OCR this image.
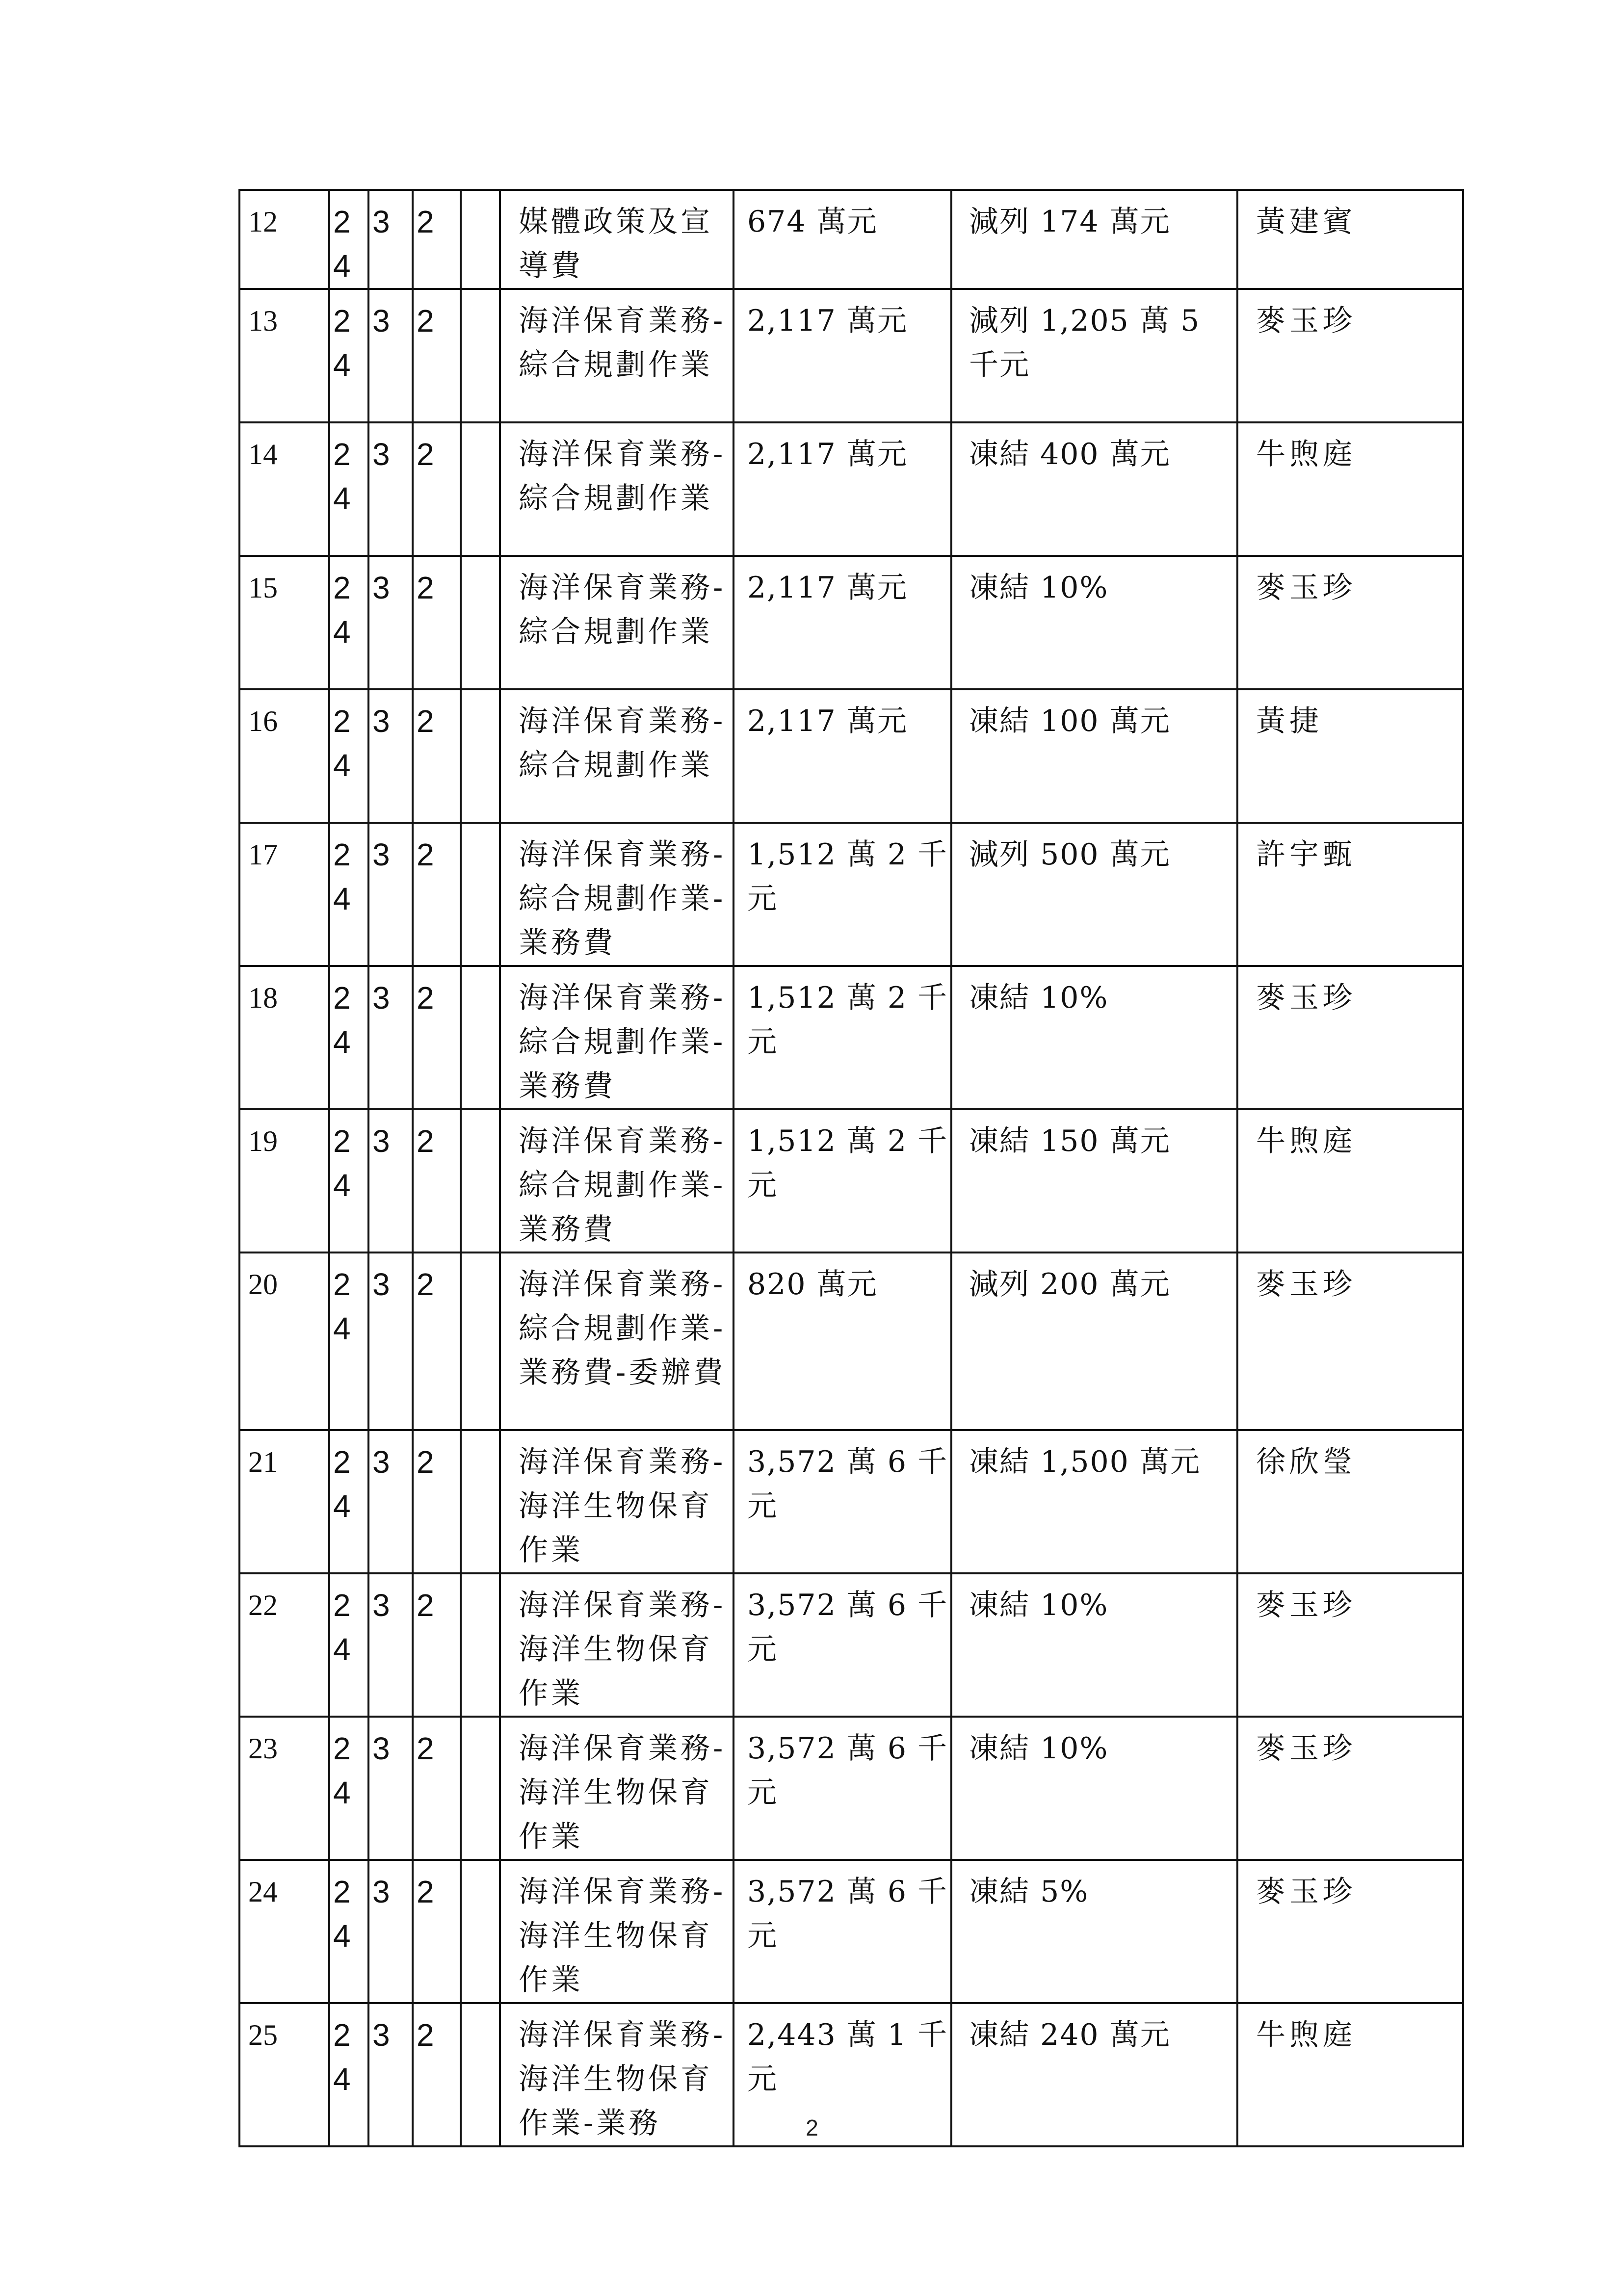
12	24	3	2		媒體政策及宣導費	674 萬元	減列 174 萬元	黃建賓
13	24	3	2		海洋保育業務-綜合規劃作業	2,117 萬元	減列 1,205 萬 5 千元	麥玉珍
14	24	3	2		海洋保育業務-綜合規劃作業	2,117 萬元	凍結 400 萬元	牛煦庭
15	24	3	2		海洋保育業務-綜合規劃作業	2,117 萬元	凍結 10%	麥玉珍
16	24	3	2		海洋保育業務-綜合規劃作業	2,117 萬元	凍結 100 萬元	黃捷
17	24	3	2		海洋保育業務-綜合規劃作業-業務費	1,512 萬 2 千元	減列 500 萬元	許宇甄
18	24	3	2		海洋保育業務-綜合規劃作業-業務費	1,512 萬 2 千元	凍結 10%	麥玉珍
19	24	3	2		海洋保育業務-綜合規劃作業-業務費	1,512 萬 2 千元	凍結 150 萬元	牛煦庭
20	24	3	2		海洋保育業務-綜合規劃作業-業務費-委辦費	820 萬元	減列 200 萬元	麥玉珍
21	24	3	2		海洋保育業務-海洋生物保育作業	3,572 萬 6 千元	凍結 1,500 萬元	徐欣瑩
22	24	3	2		海洋保育業務-海洋生物保育作業	3,572 萬 6 千元	凍結 10%	麥玉珍
23	24	3	2		海洋保育業務-海洋生物保育作業	3,572 萬 6 千元	凍結 10%	麥玉珍
24	24	3	2		海洋保育業務-海洋生物保育作業	3,572 萬 6 千元	凍結 5%	麥玉珍
25	24	3	2		海洋保育業務-海洋生物保育作業-業務	2,443 萬 1 千元	凍結 240 萬元	牛煦庭
2
